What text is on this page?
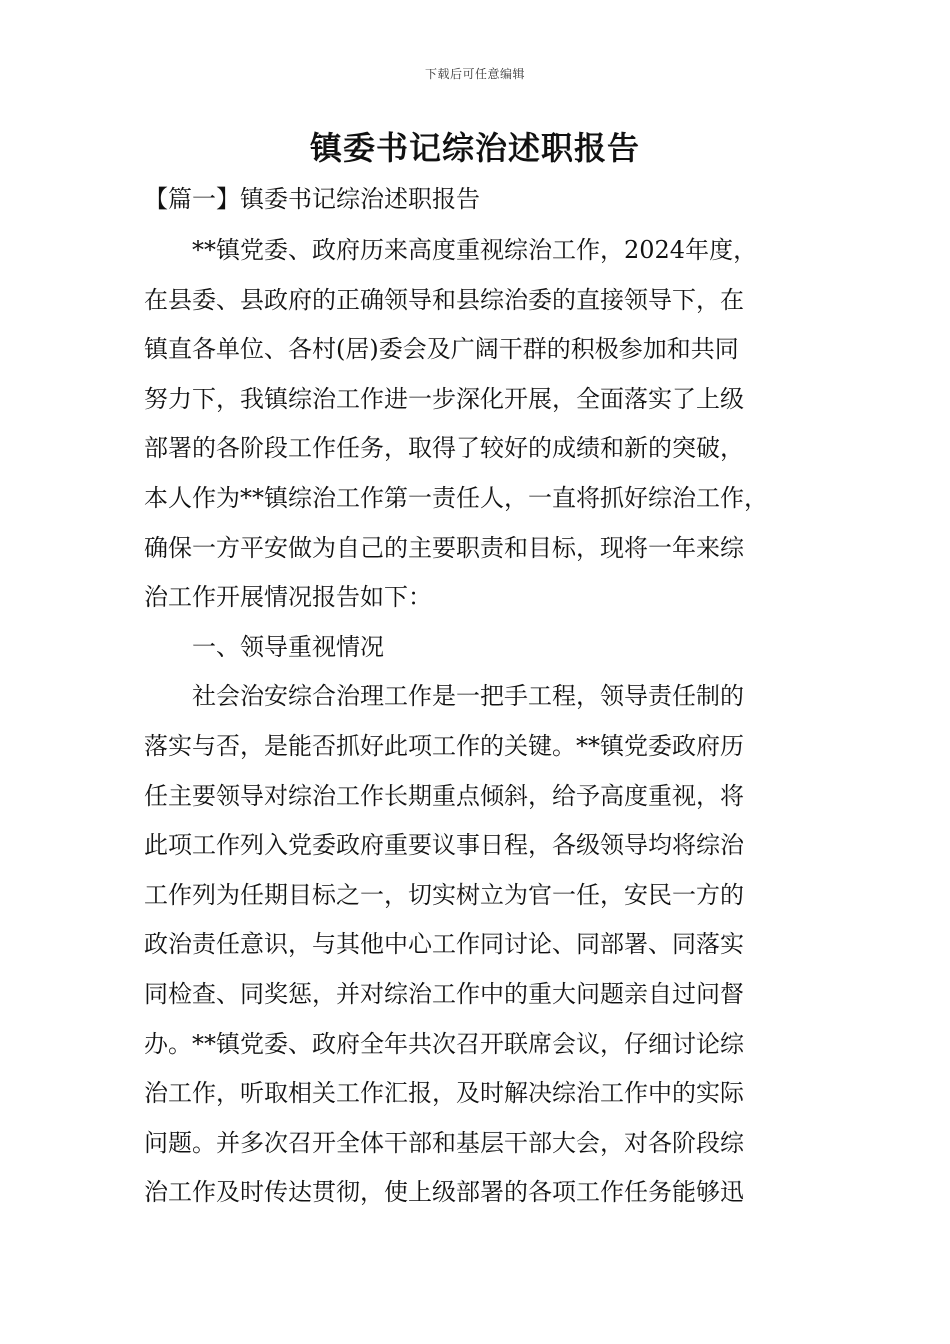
下载后可任意编辑
镇委书记综治述职报告
【篇一】镇委书记综治述职报告
**镇党委、政府历来高度重视综治工作，2024年度，
在县委、县政府的正确领导和县综治委的直接领导下，在
镇直各单位、各村(居)委会及广阔干群的积极参加和共同
努力下，我镇综治工作进一步深化开展，全面落实了上级
部署的各阶段工作任务，取得了较好的成绩和新的突破，
本人作为**镇综治工作第一责任人，一直将抓好综治工作，
确保一方平安做为自己的主要职责和目标，现将一年来综
治工作开展情况报告如下：
一、领导重视情况
社会治安综合治理工作是一把手工程，领导责任制的
落实与否，是能否抓好此项工作的关键。**镇党委政府历
任主要领导对综治工作长期重点倾斜，给予高度重视，将
此项工作列入党委政府重要议事日程，各级领导均将综治
工作列为任期目标之一，切实树立为官一任，安民一方的
政治责任意识，与其他中心工作同讨论、同部署、同落实
同检查、同奖惩，并对综治工作中的重大问题亲自过问督
办。**镇党委、政府全年共次召开联席会议，仔细讨论综
治工作，听取相关工作汇报，及时解决综治工作中的实际
问题。并多次召开全体干部和基层干部大会，对各阶段综
治工作及时传达贯彻，使上级部署的各项工作任务能够迅
